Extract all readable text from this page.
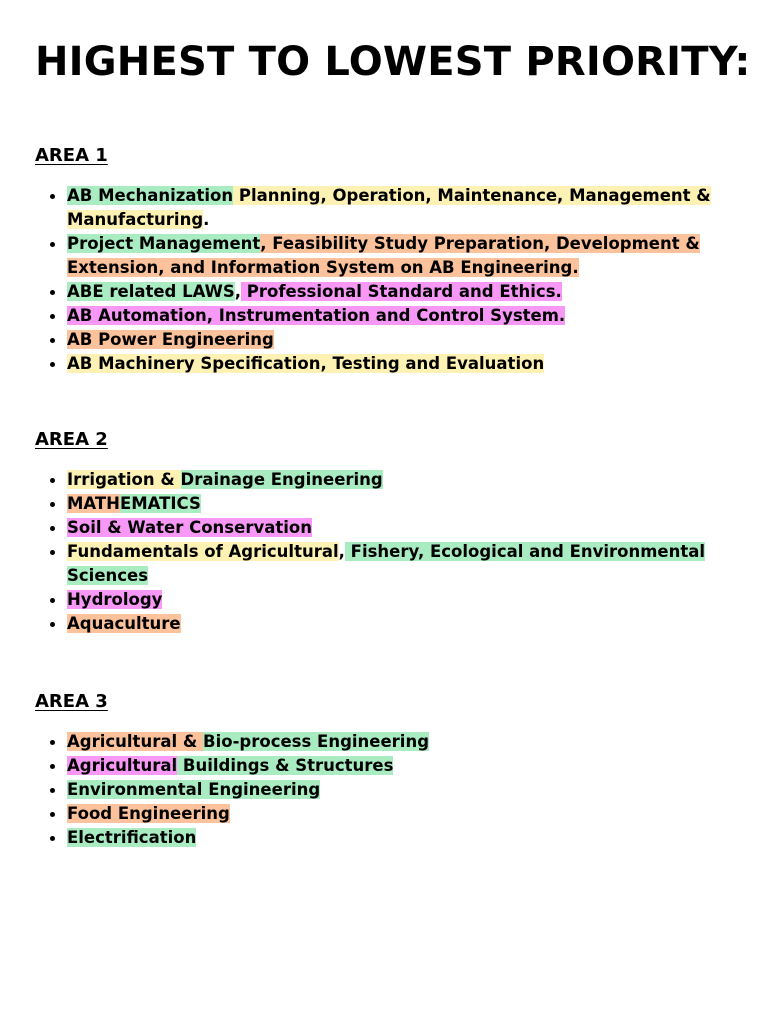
HIGHEST TO LOWEST PRIORITY:
AREA 1
AB Mechanization Planning, Operation, Maintenance, Management & Manufacturing.
Project Management, Feasibility Study Preparation, Development & Extension, and Information System on AB Engineering.
ABE related LAWS, Professional Standard and Ethics.
AB Automation, Instrumentation and Control System.
AB Power Engineering
AB Machinery Specification, Testing and Evaluation
AREA 2
Irrigation & Drainage Engineering
MATHEMATICS
Soil & Water Conservation
Fundamentals of Agricultural, Fishery, Ecological and Environmental Sciences
Hydrology
Aquaculture
AREA 3
Agricultural & Bio-process Engineering
Agricultural Buildings & Structures
Environmental Engineering
Food Engineering
Electrification
